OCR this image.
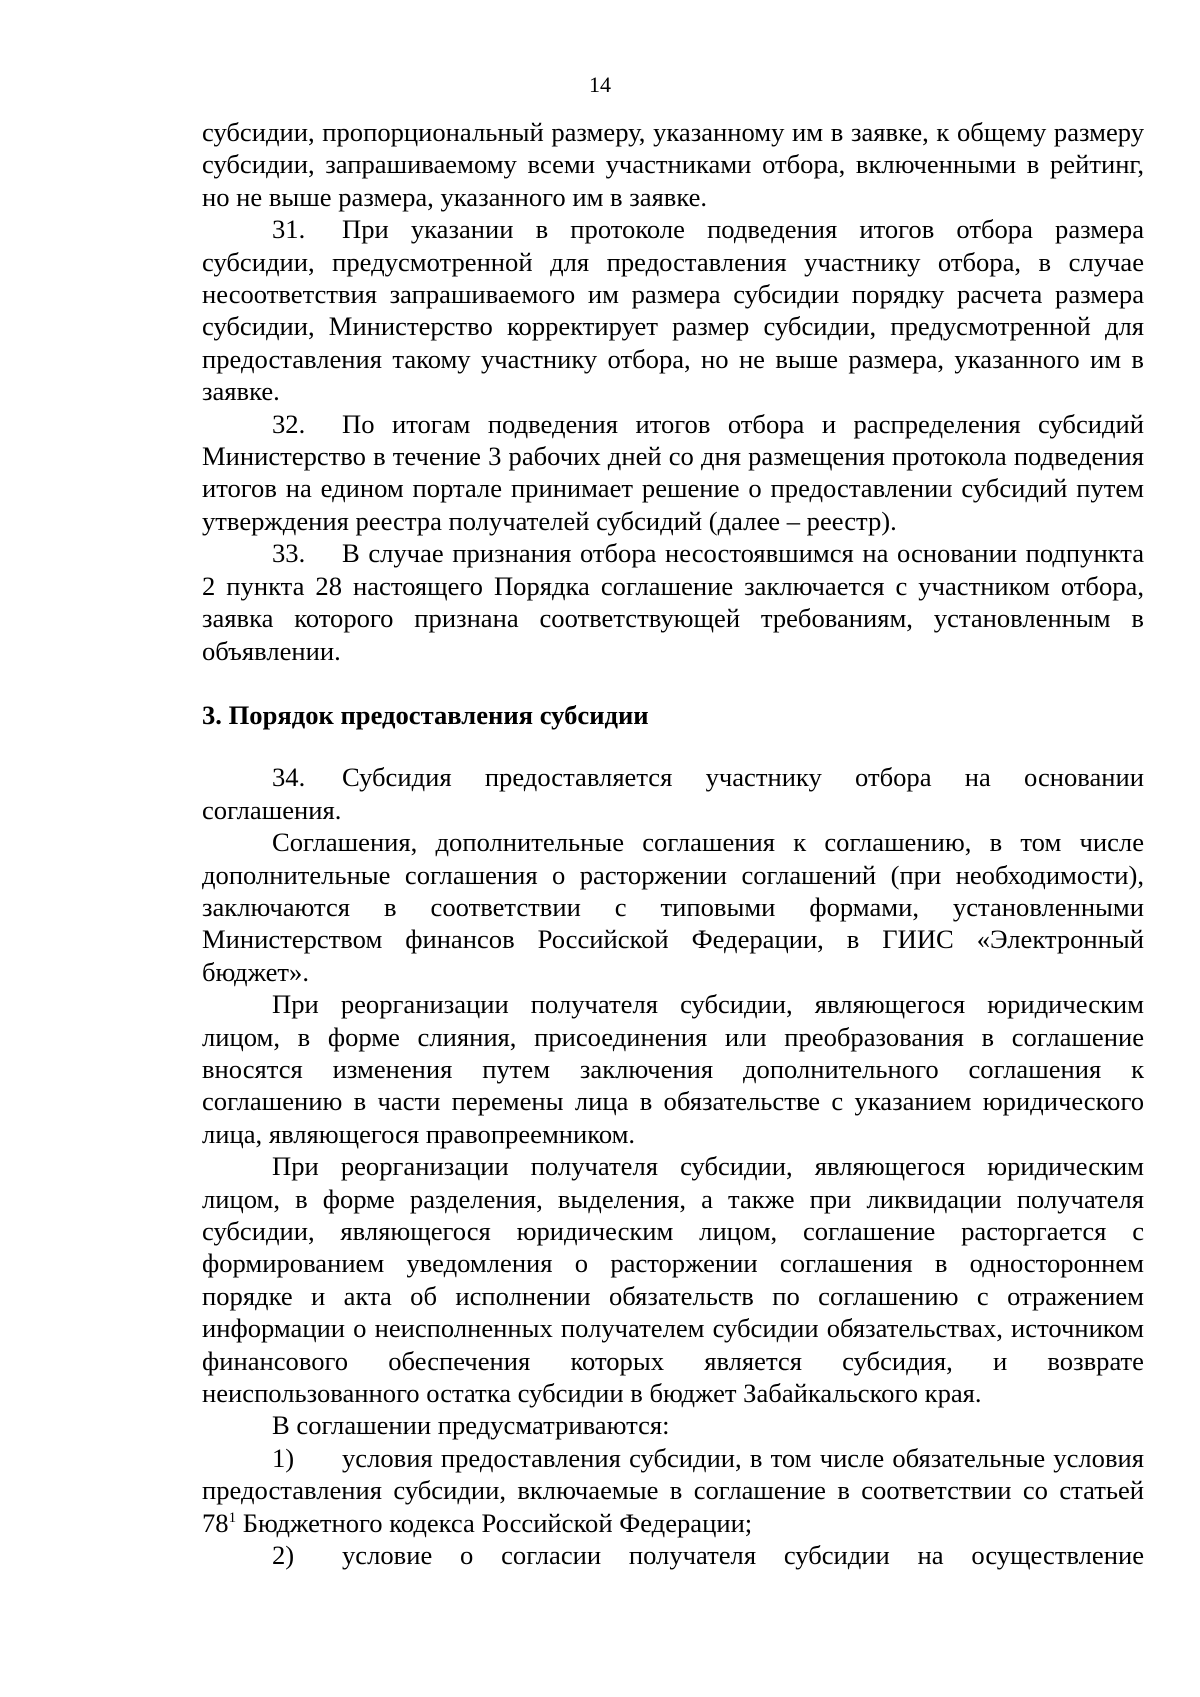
14

субсидии, пропорциональный размеру, указанному им в заявке, к общему размеру субсидии, запрашиваемому всеми участниками отбора, включенными в рейтинг, но не выше размера, указанного им в заявке.

31. При указании в протоколе подведения итогов отбора размера субсидии, предусмотренной для предоставления участнику отбора, в случае несоответствия запрашиваемого им размера субсидии порядку расчета размера субсидии, Министерство корректирует размер субсидии, предусмотренной для предоставления такому участнику отбора, но не выше размера, указанного им в заявке.

32. По итогам подведения итогов отбора и распределения субсидий Министерство в течение 3 рабочих дней со дня размещения протокола подведения итогов на едином портале принимает решение о предоставлении субсидий путем утверждения реестра получателей субсидий (далее – реестр).

33. В случае признания отбора несостоявшимся на основании подпункта 2 пункта 28 настоящего Порядка соглашение заключается с участником отбора, заявка которого признана соответствующей требованиям, установленным в объявлении.

3. Порядок предоставления субсидии

34. Субсидия предоставляется участнику отбора на основании соглашения.

Соглашения, дополнительные соглашения к соглашению, в том числе дополнительные соглашения о расторжении соглашений (при необходимости), заключаются в соответствии с типовыми формами, установленными Министерством финансов Российской Федерации, в ГИИС «Электронный бюджет».

При реорганизации получателя субсидии, являющегося юридическим лицом, в форме слияния, присоединения или преобразования в соглашение вносятся изменения путем заключения дополнительного соглашения к соглашению в части перемены лица в обязательстве с указанием юридического лица, являющегося правопреемником.

При реорганизации получателя субсидии, являющегося юридическим лицом, в форме разделения, выделения, а также при ликвидации получателя субсидии, являющегося юридическим лицом, соглашение расторгается с формированием уведомления о расторжении соглашения в одностороннем порядке и акта об исполнении обязательств по соглашению с отражением информации о неисполненных получателем субсидии обязательствах, источником финансового обеспечения которых является субсидия, и возврате неиспользованного остатка субсидии в бюджет Забайкальского края.

В соглашении предусматриваются:

1) условия предоставления субсидии, в том числе обязательные условия предоставления субсидии, включаемые в соглашение в соответствии со статьей $78^1$ Бюджетного кодекса Российской Федерации;

2) условие о согласии получателя субсидии на осуществление
